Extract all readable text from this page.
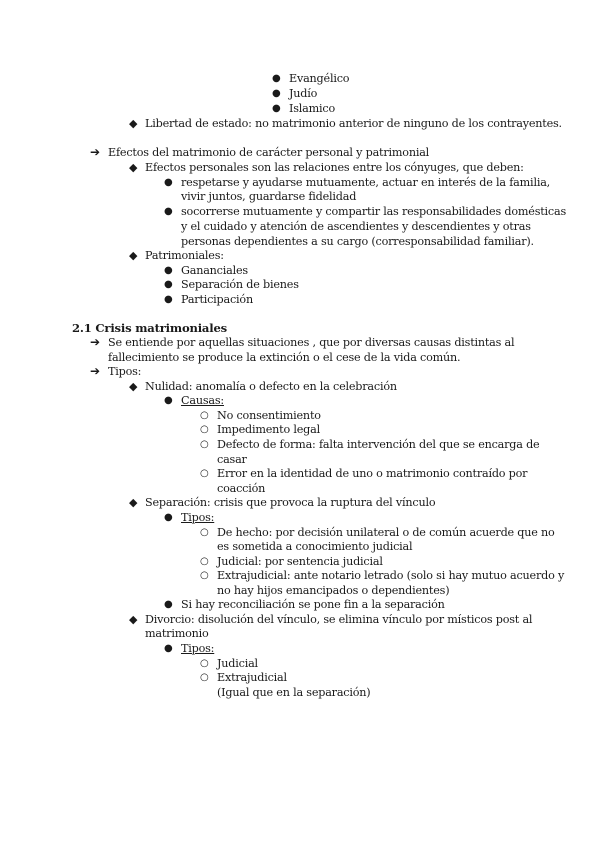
● Evangélico
● Judío
● Islamico
◆ Libertad de estado: no matrimonio anterior de ninguno de los contrayentes.
➔ Efectos del matrimonio de carácter personal y patrimonial
◆ Efectos personales son las relaciones entre los cónyuges, que deben:
● respetarse y ayudarse mutuamente, actuar en interés de la familia,
vivir juntos, guardarse fidelidad
● socorrerse mutuamente y compartir las responsabilidades domésticas
y el cuidado y atención de ascendientes y descendientes y otras
personas dependientes a su cargo (corresponsabilidad familiar).
◆ Patrimoniales:
● Gananciales
● Separación de bienes
● Participación
2.1 Crisis matrimoniales
➔ Se entiende por aquellas situaciones , que por diversas causas distintas al
fallecimiento se produce la extinción o el cese de la vida común.
➔ Tipos:
◆ Nulidad: anomalía o defecto en la celebración
● Causas:
○ No consentimiento
○ Impedimento legal
○ Defecto de forma: falta intervención del que se encarga de
casar
○ Error en la identidad de uno o matrimonio contraído por
coacción
◆ Separación: crisis que provoca la ruptura del vínculo
● Tipos:
○ De hecho: por decisión unilateral o de común acuerde que no
es sometida a conocimiento judicial
○ Judicial: por sentencia judicial
○ Extrajudicial: ante notario letrado (solo si hay mutuo acuerdo y
no hay hijos emancipados o dependientes)
● Si hay reconciliación se pone fin a la separación
◆ Divorcio: disolución del vínculo, se elimina vínculo por místicos post al
matrimonio
● Tipos:
○ Judicial
○ Extrajudicial
(Igual que en la separación)
